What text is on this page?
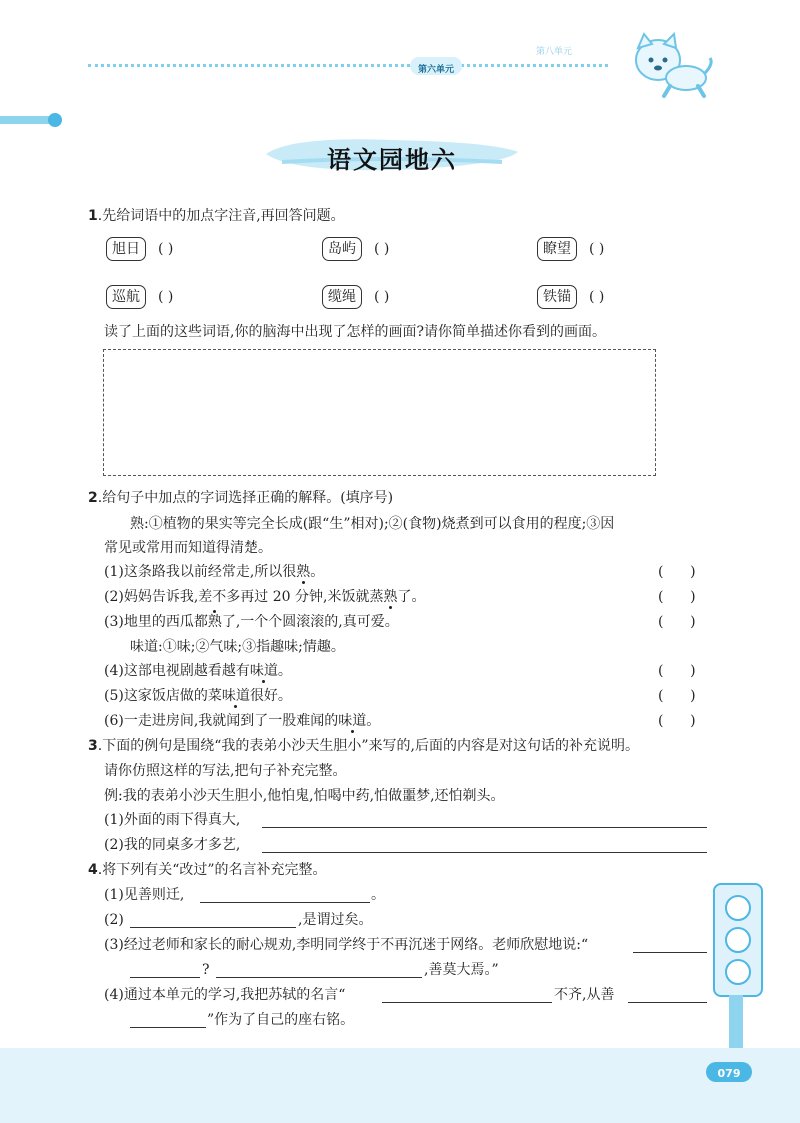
第六单元
第八单元
语文园地六
1.先给词语中的加点字注音,再回答问题。
旭日	( )	岛屿	( )	瞭望	( )
巡航	( )	缆绳	( )	铁锚	( )
读了上面的这些词语,你的脑海中出现了怎样的画面?请你简单描述你看到的画面。
2.给句子中加点的字词选择正确的解释。(填序号)
熟:①植物的果实等完全长成(跟“生”相对);②(食物)烧煮到可以食用的程度;③因
常见或常用而知道得清楚。
(1)这条路我以前经常走,所以很熟。	(      )
(2)妈妈告诉我,差不多再过 20 分钟,米饭就蒸熟了。	(      )
(3)地里的西瓜都熟了,一个个圆滚滚的,真可爱。	(      )
味道:①味;②气味;③指趣味;情趣。
(4)这部电视剧越看越有味道。	(      )
(5)这家饭店做的菜味道很好。	(      )
(6)一走进房间,我就闻到了一股难闻的味道。	(      )
3.下面的例句是围绕“我的表弟小沙天生胆小”来写的,后面的内容是对这句话的补充说明。
请你仿照这样的写法,把句子补充完整。
例:我的表弟小沙天生胆小,他怕鬼,怕喝中药,怕做噩梦,还怕剃头。
(1)外面的雨下得真大,
(2)我的同桌多才多艺,
4.将下列有关“改过”的名言补充完整。
(1)见善则迁,	。
(2)	,是谓过矣。
(3)经过老师和家长的耐心规劝,李明同学终于不再沉迷于网络。老师欣慰地说:“
?	,善莫大焉。”
(4)通过本单元的学习,我把苏轼的名言“	不齐,从善
”作为了自己的座右铭。
079
